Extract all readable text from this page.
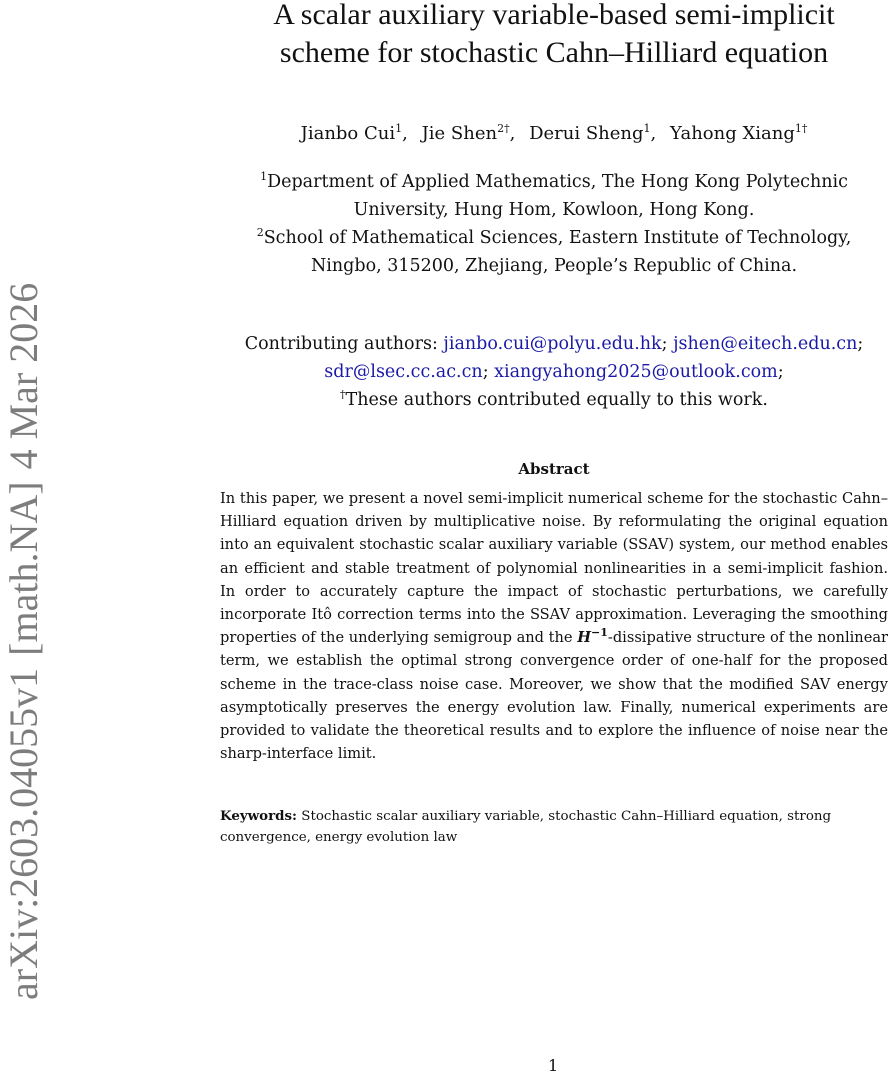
arXiv:2603.04055v1[math.NA]4 Mar 2026
A scalar auxiliary variable-based semi-implicit
scheme for stochastic Cahn–Hilliard equation
Jianbo Cui$^1$, Jie Shen$^{2\dagger}$, Derui Sheng$^1$, Yahong Xiang$^{1\dagger}$
$^1$Department of Applied Mathematics, The Hong Kong Polytechnic
University, Hung Hom, Kowloon, Hong Kong.
$^2$School of Mathematical Sciences, Eastern Institute of Technology,
Ningbo, 315200, Zhejiang, People’s Republic of China.
Contributing authors: jianbo.cui@polyu.edu.hk; jshen@eitech.edu.cn;
sdr@lsec.cc.ac.cn; xiangyahong2025@outlook.com;
†These authors contributed equally to this work.
Abstract
In this paper, we present a novel semi-implicit numerical scheme for the stochastic Cahn–Hilliard equation driven by multiplicative noise. By reformulating the original equation into an equivalent stochastic scalar auxiliary variable (SSAV) system, our method enables an efficient and stable treatment of polynomial nonlinearities in a semi-implicit fashion. In order to accurately capture the impact of stochastic perturbations, we carefully incorporate Itô correction terms into the SSAV approximation. Leveraging the smoothing properties of the underlying semigroup and the $H^{-1}$-dissipative structure of the nonlinear term, we establish the optimal strong convergence order of one-half for the proposed scheme in the trace-class noise case. Moreover, we show that the modified SAV energy asymptotically preserves the energy evolution law. Finally, numerical experiments are provided to validate the theoretical results and to explore the influence of noise near the sharp-interface limit.
Keywords: Stochastic scalar auxiliary variable, stochastic Cahn–Hilliard equation, strong convergence, energy evolution law
1
